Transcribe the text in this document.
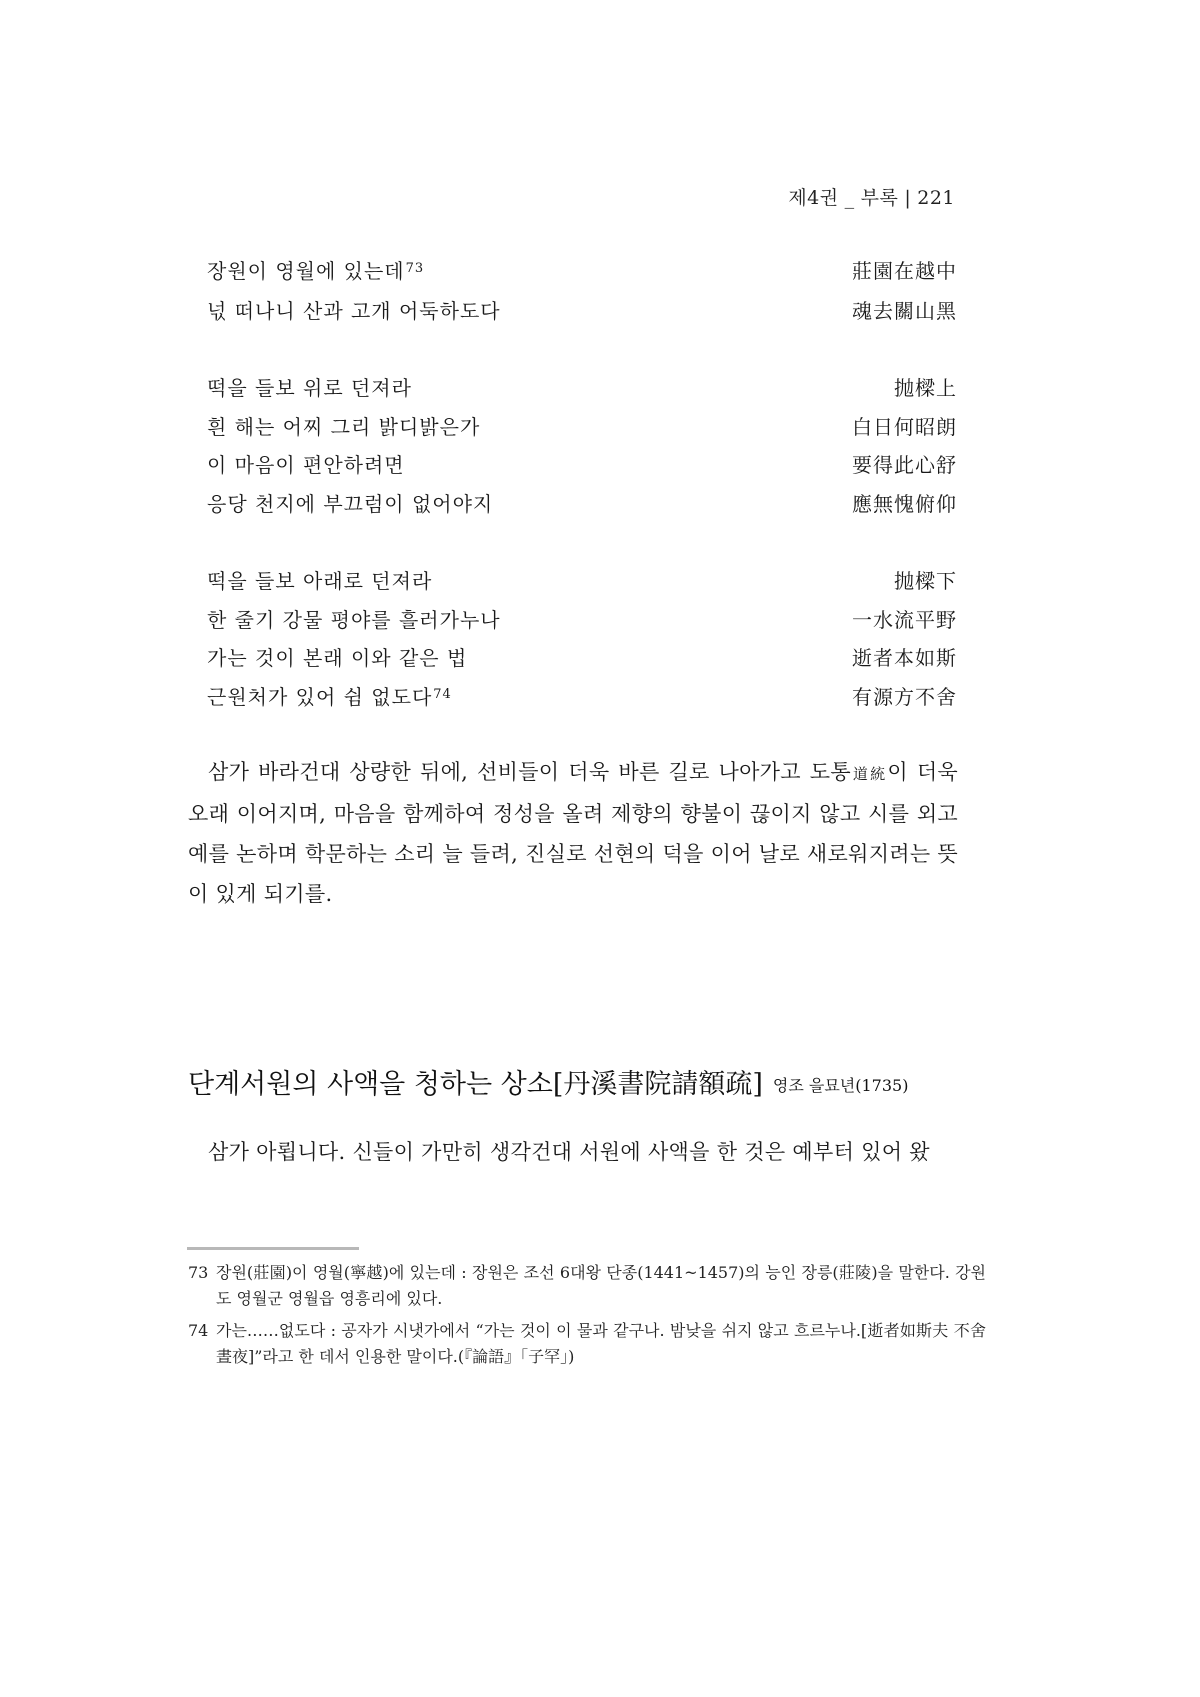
제4권 _ 부록 | 221
장원이 영월에 있는데$^{73}$	莊園在越中
넋 떠나니 산과 고개 어둑하도다	魂去關山黑
떡을 들보 위로 던져라	抛樑上
흰 해는 어찌 그리 밝디밝은가	白日何昭朗
이 마음이 편안하려면	要得此心舒
응당 천지에 부끄럼이 없어야지	應無愧俯仰
떡을 들보 아래로 던져라	抛樑下
한 줄기 강물 평야를 흘러가누나	一水流平野
가는 것이 본래 이와 같은 법	逝者本如斯
근원처가 있어 쉼 없도다$^{74}$	有源方不舍

삼가 바라건대 상량한 뒤에, 선비들이 더욱 바른 길로 나아가고 도통道統이 더욱 오래 이어지며, 마음을 함께하여 정성을 올려 제향의 향불이 끊이지 않고 시를 외고 예를 논하며 학문하는 소리 늘 들려, 진실로 선현의 덕을 이어 날로 새로워지려는 뜻이 있게 되기를.

단계서원의 사액을 청하는 상소[丹溪書院請額疏] 영조 을묘년(1735)

삼가 아룁니다. 신들이 가만히 생각건대 서원에 사액을 한 것은 예부터 있어 왔

73 장원(莊園)이 영월(寧越)에 있는데 : 장원은 조선 6대왕 단종(1441~1457)의 능인 장릉(莊陵)을 말한다. 강원도 영월군 영월읍 영흥리에 있다.

74 가는……없도다 : 공자가 시냇가에서 “가는 것이 이 물과 같구나. 밤낮을 쉬지 않고 흐르누나.[逝者如斯夫 不舍晝夜]”라고 한 데서 인용한 말이다.(『論語』「子罕」)
